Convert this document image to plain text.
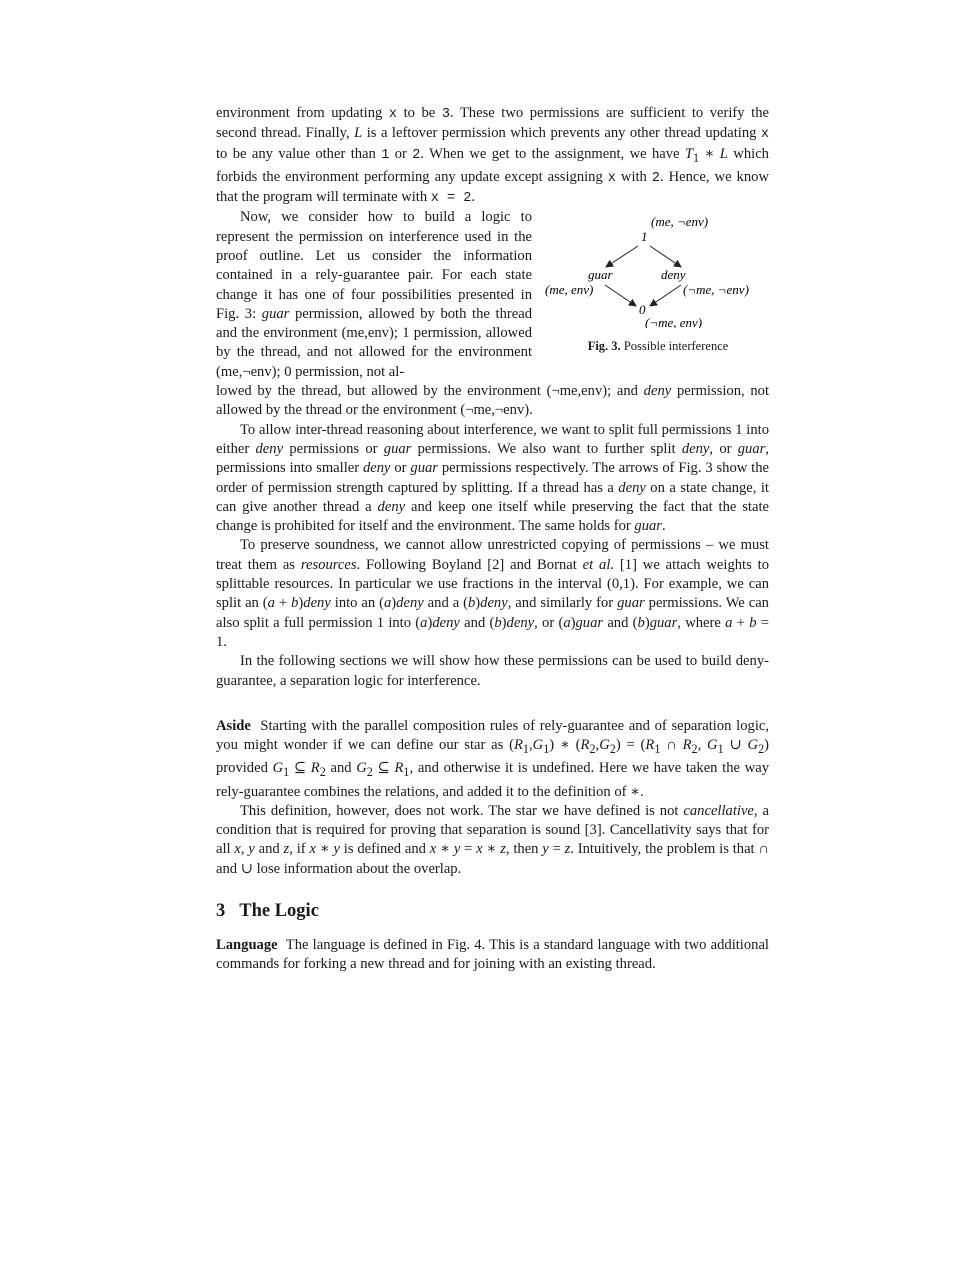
environment from updating x to be 3. These two permissions are sufficient to verify the second thread. Finally, L is a leftover permission which prevents any other thread updating x to be any value other than 1 or 2. When we get to the assignment, we have $T_1$ ∗ L which forbids the environment performing any update except assigning x with 2. Hence, we know that the program will terminate with x = 2.

(me, ¬env)
1
guar	deny
(me, env)	(¬me, ¬env)
0
(¬me, env)
Fig. 3. Possible interference

Now, we consider how to build a logic to represent the permission on interference used in the proof outline. Let us consider the information contained in a rely-guarantee pair. For each state change it has one of four possibilities presented in Fig. 3: guar permission, allowed by both the thread and the environment (me,env); 1 permission, allowed by the thread, and not allowed for the environment (me,¬env); 0 permission, not al-

lowed by the thread, but allowed by the environment (¬me,env); and deny permission, not allowed by the thread or the environment (¬me,¬env).

To allow inter-thread reasoning about interference, we want to split full permissions 1 into either deny permissions or guar permissions. We also want to further split deny, or guar, permissions into smaller deny or guar permissions respectively. The arrows of Fig. 3 show the order of permission strength captured by splitting. If a thread has a deny on a state change, it can give another thread a deny and keep one itself while preserving the fact that the state change is prohibited for itself and the environment. The same holds for guar.

To preserve soundness, we cannot allow unrestricted copying of permissions – we must treat them as resources. Following Boyland [2] and Bornat et al. [1] we attach weights to splittable resources. In particular we use fractions in the interval (0,1). For example, we can split an (a + b)deny into an (a)deny and a (b)deny, and similarly for guar permissions. We can also split a full permission 1 into (a)deny and (b)deny, or (a)guar and (b)guar, where a + b = 1.

In the following sections we will show how these permissions can be used to build deny-guarantee, a separation logic for interference.

Aside  Starting with the parallel composition rules of rely-guarantee and of separation logic, you might wonder if we can define our star as $(R_1,G_1)$ ∗ $(R_2,G_2) = (R_1$ ∩ $R_2$, $G_1$ ∪ $G_2$) provided $G_1$ ⊆ $R_2$ and $G_2$ ⊆ $R_1$, and otherwise it is undefined. Here we have taken the way rely-guarantee combines the relations, and added it to the definition of ∗.

This definition, however, does not work. The star we have defined is not cancellative, a condition that is required for proving that separation is sound [3]. Cancellativity says that for all x, y and z, if x ∗ y is defined and x ∗ y = x ∗ z, then y = z. Intuitively, the problem is that ∩ and ∪ lose information about the overlap.

3 The Logic

Language The language is defined in Fig. 4. This is a standard language with two additional commands for forking a new thread and for joining with an existing thread.
